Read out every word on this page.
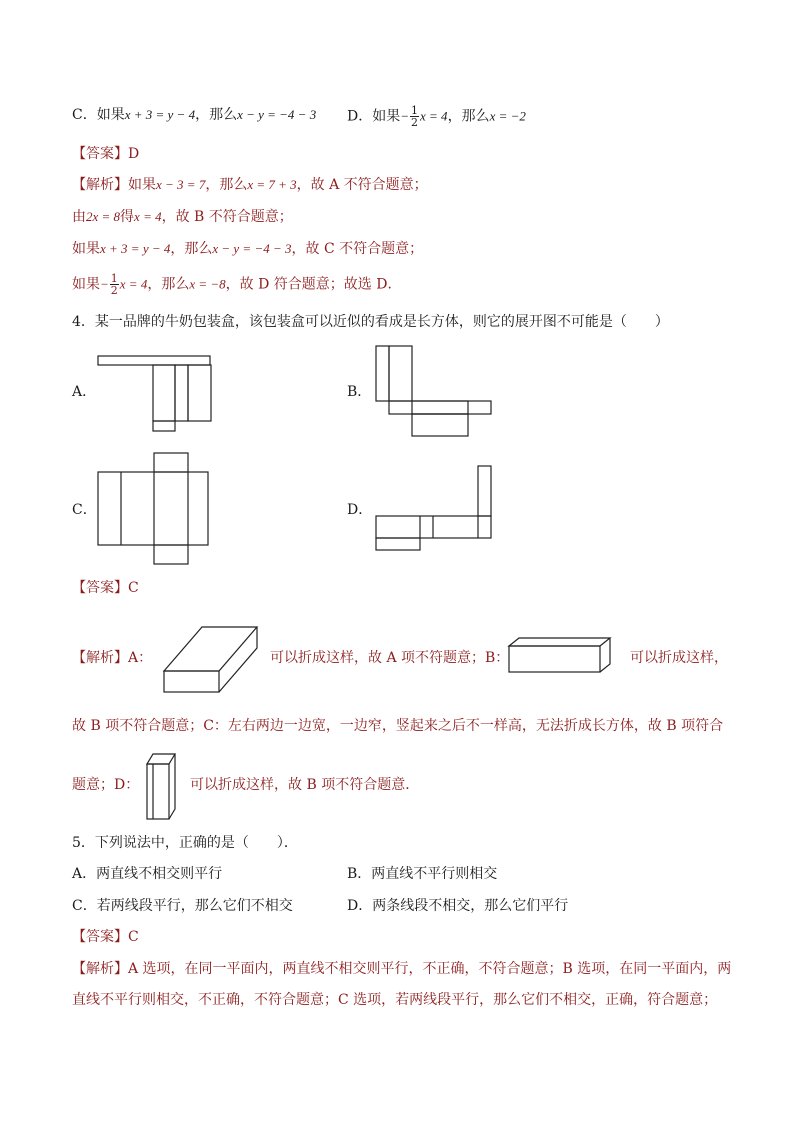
C．如果x + 3 = y − 4，那么x − y = −4 − 3 D．如果− $\frac{1}{2}$ x = 4，那么x = −2
【答案】D
【解析】如果x − 3 = 7，那么x = 7 + 3，故 A 不符合题意；
由2x = 8得x = 4，故 B 不符合题意；
如果x + 3 = y − 4，那么x − y = −4 − 3，故 C 不符合题意；
如果− $\frac{1}{2}$ x = 4，那么x = −8，故 D 符合题意；故选 D．
4．某一品牌的牛奶包装盒，该包装盒可以近似的看成是长方体，则它的展开图不可能是（　　）
A．	B．
C．	D．
【答案】C
【解析】A：	可以折成这样，故 A 项不符题意；B：	可以折成这样，
故 B 项不符合题意；C：左右两边一边宽，一边窄，竖起来之后不一样高，无法折成长方体，故 B 项符合
题意；D：	可以折成这样，故 B 项不符合题意．
5．下列说法中，正确的是（　　）．
A．两直线不相交则平行	B．两直线不平行则相交
C．若两线段平行，那么它们不相交	D．两条线段不相交，那么它们平行
【答案】C
【解析】A 选项，在同一平面内，两直线不相交则平行，不正确，不符合题意；B 选项，在同一平面内，两
直线不平行则相交，不正确，不符合题意；C 选项，若两线段平行，那么它们不相交，正确，符合题意；
